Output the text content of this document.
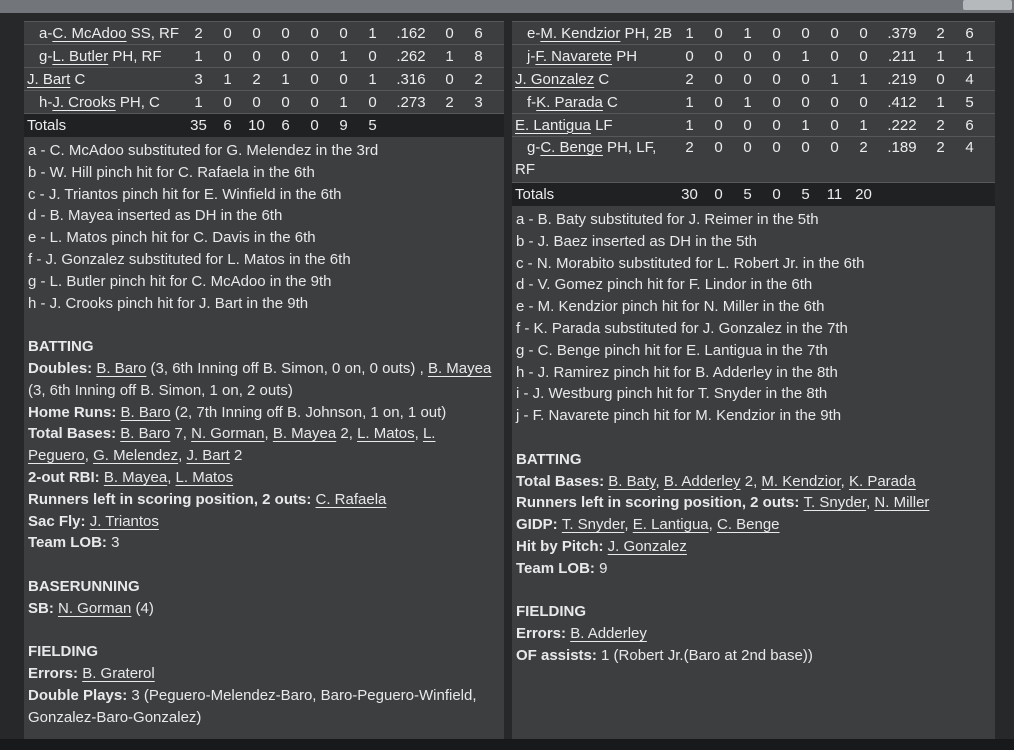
a-C. McAdoo SS, RF	2	0	0	0	0	0	1	.162	0	6
g-L. Butler PH, RF	1	0	0	0	0	1	0	.262	1	8
J. Bart C	3	1	2	1	0	0	1	.316	0	2
h-J. Crooks PH, C	1	0	0	0	0	1	0	.273	2	3
Totals	35	6	10	6	0	9	5
a - C. McAdoo substituted for G. Melendez in the 3rd
b - W. Hill pinch hit for C. Rafaela in the 6th
c - J. Triantos pinch hit for E. Winfield in the 6th
d - B. Mayea inserted as DH in the 6th
e - L. Matos pinch hit for C. Davis in the 6th
f - J. Gonzalez substituted for L. Matos in the 6th
g - L. Butler pinch hit for C. McAdoo in the 9th
h - J. Crooks pinch hit for J. Bart in the 9th
BATTING
Doubles: B. Baro (3, 6th Inning off B. Simon, 0 on, 0 outs) , B. Mayea (3, 6th Inning off B. Simon, 1 on, 2 outs)
Home Runs: B. Baro (2, 7th Inning off B. Johnson, 1 on, 1 out)
Total Bases: B. Baro 7, N. Gorman, B. Mayea 2, L. Matos, L. Peguero, G. Melendez, J. Bart 2
2-out RBI: B. Mayea, L. Matos
Runners left in scoring position, 2 outs: C. Rafaela
Sac Fly: J. Triantos
Team LOB: 3
BASERUNNING
SB: N. Gorman (4)
FIELDING
Errors: B. Graterol
Double Plays: 3 (Peguero-Melendez-Baro, Baro-Peguero-Winfield, Gonzalez-Baro-Gonzalez)
e-M. Kendzior PH, 2B 1	0	1	0	0	0	0	.379	2	6
j-F. Navarete PH	0	0	0	0	1	0	0	.211	1	1
J. Gonzalez C	2	0	0	0	0	1	1	.219	0	4
f-K. Parada C	1	0	1	0	0	0	0	.412	1	5
E. Lantigua LF	1	0	0	0	1	0	1	.222	2	6
g-C. Benge PH, LF, RF
2	0	0	0	0	0	2	.189	2	4
Totals	30	0	5	0	5	11 20
a - B. Baty substituted for J. Reimer in the 5th
b - J. Baez inserted as DH in the 5th
c - N. Morabito substituted for L. Robert Jr. in the 6th
d - V. Gomez pinch hit for F. Lindor in the 6th
e - M. Kendzior pinch hit for N. Miller in the 6th
f - K. Parada substituted for J. Gonzalez in the 7th
g - C. Benge pinch hit for E. Lantigua in the 7th
h - J. Ramirez pinch hit for B. Adderley in the 8th
i - J. Westburg pinch hit for T. Snyder in the 8th
j - F. Navarete pinch hit for M. Kendzior in the 9th
BATTING
Total Bases: B. Baty, B. Adderley 2, M. Kendzior, K. Parada
Runners left in scoring position, 2 outs: T. Snyder, N. Miller
GIDP: T. Snyder, E. Lantigua, C. Benge
Hit by Pitch: J. Gonzalez
Team LOB: 9
FIELDING
Errors: B. Adderley
OF assists: 1 (Robert Jr.(Baro at 2nd base))
